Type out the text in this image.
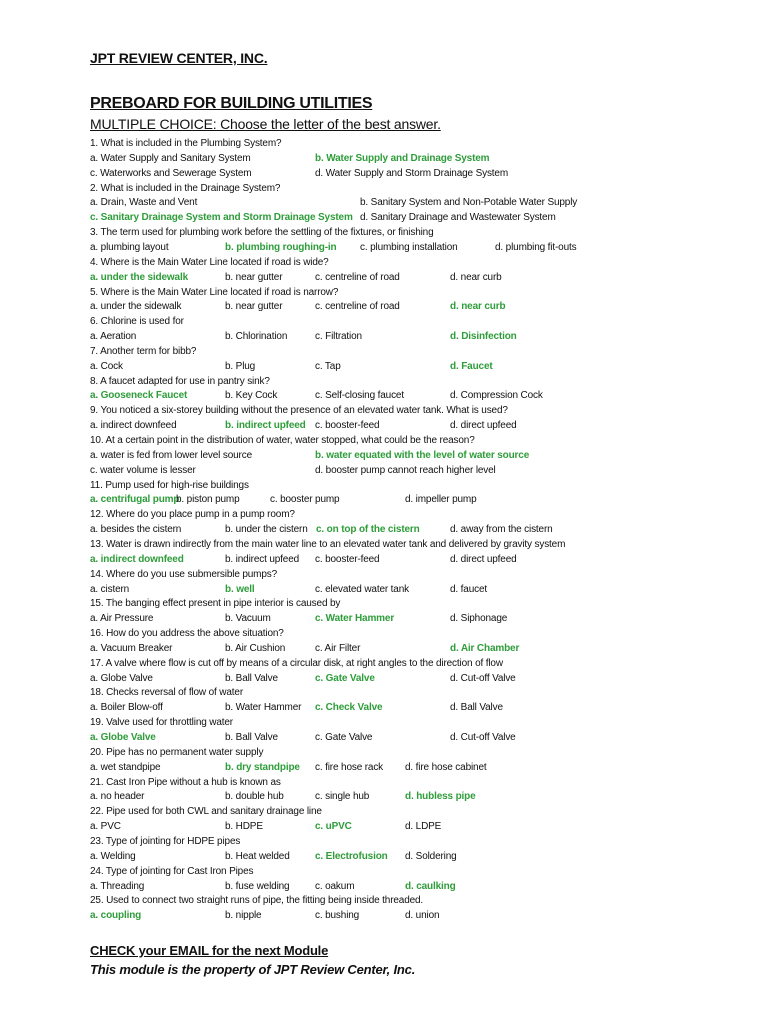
JPT REVIEW CENTER, INC.
PREBOARD FOR BUILDING UTILITIES
MULTIPLE CHOICE: Choose the letter of the best answer.
1. What is included in the Plumbing System?
a. Water Supply and Sanitary System	b. Water Supply and Drainage System
c. Waterworks and Sewerage System	d. Water Supply and Storm Drainage System
2. What is included in the Drainage System?
a. Drain, Waste and Vent	b. Sanitary System and Non-Potable Water Supply
c. Sanitary Drainage System and Storm Drainage System d. Sanitary Drainage and Wastewater System
3. The term used for plumbing work before the settling of the fixtures, or finishing
a. plumbing layout	b. plumbing roughing-in c. plumbing installation	d. plumbing fit-outs
4. Where is the Main Water Line located if road is wide?
a. under the sidewalk	b. near gutter	c. centreline of road	d. near curb
5. Where is the Main Water Line located if road is narrow?
a. under the sidewalk	b. near gutter	c. centreline of road	d. near curb
6. Chlorine is used for
a. Aeration	b. Chlorination	c. Filtration	d. Disinfection
7. Another term for bibb?
a. Cock	b. Plug	c. Tap	d. Faucet
8. A faucet adapted for use in pantry sink?
a. Gooseneck Faucet	b. Key Cock	c. Self-closing faucet	d. Compression Cock
9. You noticed a six-storey building without the presence of an elevated water tank. What is used?
a. indirect downfeed	b. indirect upfeed c. booster-feed	d. direct upfeed
10. At a certain point in the distribution of water, water stopped, what could be the reason?
a. water is fed from lower level source	b. water equated with the level of water source
c. water volume is lesser	d. booster pump cannot reach higher level
11. Pump used for high-rise buildings
a. centrifugal pump
b. piston pump	c. booster pump	d. impeller pump
12. Where do you place pump in a pump room?
a. besides the cistern	b. under the cistern c. on top of the cistern	d. away from the cistern
13. Water is drawn indirectly from the main water line to an elevated water tank and delivered by gravity system
a. indirect downfeed	b. indirect upfeed c. booster-feed	d. direct upfeed
14. Where do you use submersible pumps?
a. cistern	b. well	c. elevated water tank	d. faucet
15. The banging effect present in pipe interior is caused by
a. Air Pressure	b. Vacuum	c. Water Hammer	d. Siphonage
16. How do you address the above situation?
a. Vacuum Breaker	b. Air Cushion	c. Air Filter	d. Air Chamber
17. A valve where flow is cut off by means of a circular disk, at right angles to the direction of flow
a. Globe Valve	b. Ball Valve	c. Gate Valve	d. Cut-off Valve
18. Checks reversal of flow of water
a. Boiler Blow-off	b. Water Hammer c. Check Valve	d. Ball Valve
19. Valve used for throttling water
a. Globe Valve	b. Ball Valve	c. Gate Valve	d. Cut-off Valve
20. Pipe has no permanent water supply
a. wet standpipe	b. dry standpipe c. fire hose rack d. fire hose cabinet
21. Cast Iron Pipe without a hub is known as
a. no header	b. double hub	c. single hub	d. hubless pipe
22. Pipe used for both CWL and sanitary drainage line
a. PVC	b. HDPE	c. uPVC	d. LDPE
23. Type of jointing for HDPE pipes
a. Welding	b. Heat welded	c. Electrofusion d. Soldering
24. Type of jointing for Cast Iron Pipes
a. Threading	b. fuse welding	c. oakum	d. caulking
25. Used to connect two straight runs of pipe, the fitting being inside threaded.
a. coupling	b. nipple	c. bushing	d. union
CHECK your EMAIL for the next Module
This module is the property of JPT Review Center, Inc.
